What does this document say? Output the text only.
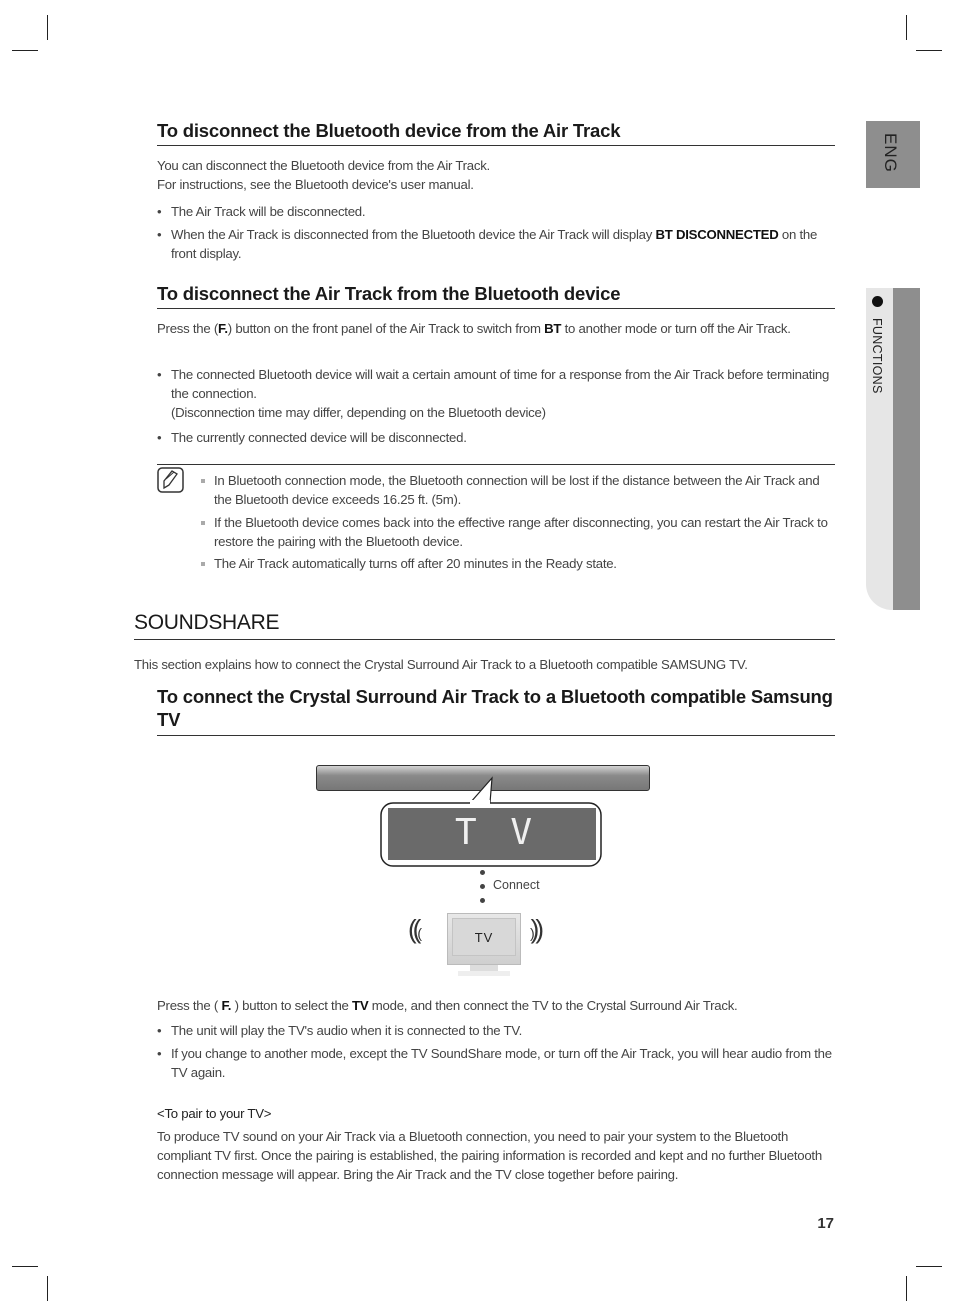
ENG
FUNCTIONS
To disconnect the Bluetooth device from the Air Track
You can disconnect the Bluetooth device from the Air Track.
For instructions, see the Bluetooth device's user manual.
• The Air Track will be disconnected.
• When the Air Track is disconnected from the Bluetooth device the Air Track will display BT DISCONNECTED on the front display.
To disconnect the Air Track from the Bluetooth device
Press the (F.) button on the front panel of the Air Track to switch from BT to another mode or turn off the Air Track.
• The connected Bluetooth device will wait a certain amount of time for a response from the Air Track before terminating the connection.
(Disconnection time may differ, depending on the Bluetooth device)
• The currently connected device will be disconnected.
In Bluetooth connection mode, the Bluetooth connection will be lost if the distance between the Air Track and the Bluetooth device exceeds 16.25 ft. (5m).
If the Bluetooth device comes back into the effective range after disconnecting, you can restart the Air Track to restore the pairing with the Bluetooth device.
The Air Track automatically turns off after 20 minutes in the Ready state.
SOUNDSHARE
This section explains how to connect the Crystal Surround Air Track to a Bluetooth compatible SAMSUNG TV.
To connect the Crystal Surround Air Track to a Bluetooth compatible Samsung TV
T V
Connect
(((	)))
TV
Press the ( F. ) button to select the TV mode, and then connect the TV to the Crystal Surround Air Track.
• The unit will play the TV's audio when it is connected to the TV.
• If you change to another mode, except the TV SoundShare mode, or turn off the Air Track, you will hear audio from the TV again.
<To pair to your TV>
To produce TV sound on your Air Track via a Bluetooth connection, you need to pair your system to the Bluetooth compliant TV first. Once the pairing is established, the pairing information is recorded and kept and no further Bluetooth connection message will appear. Bring the Air Track and the TV close together before pairing.
17
